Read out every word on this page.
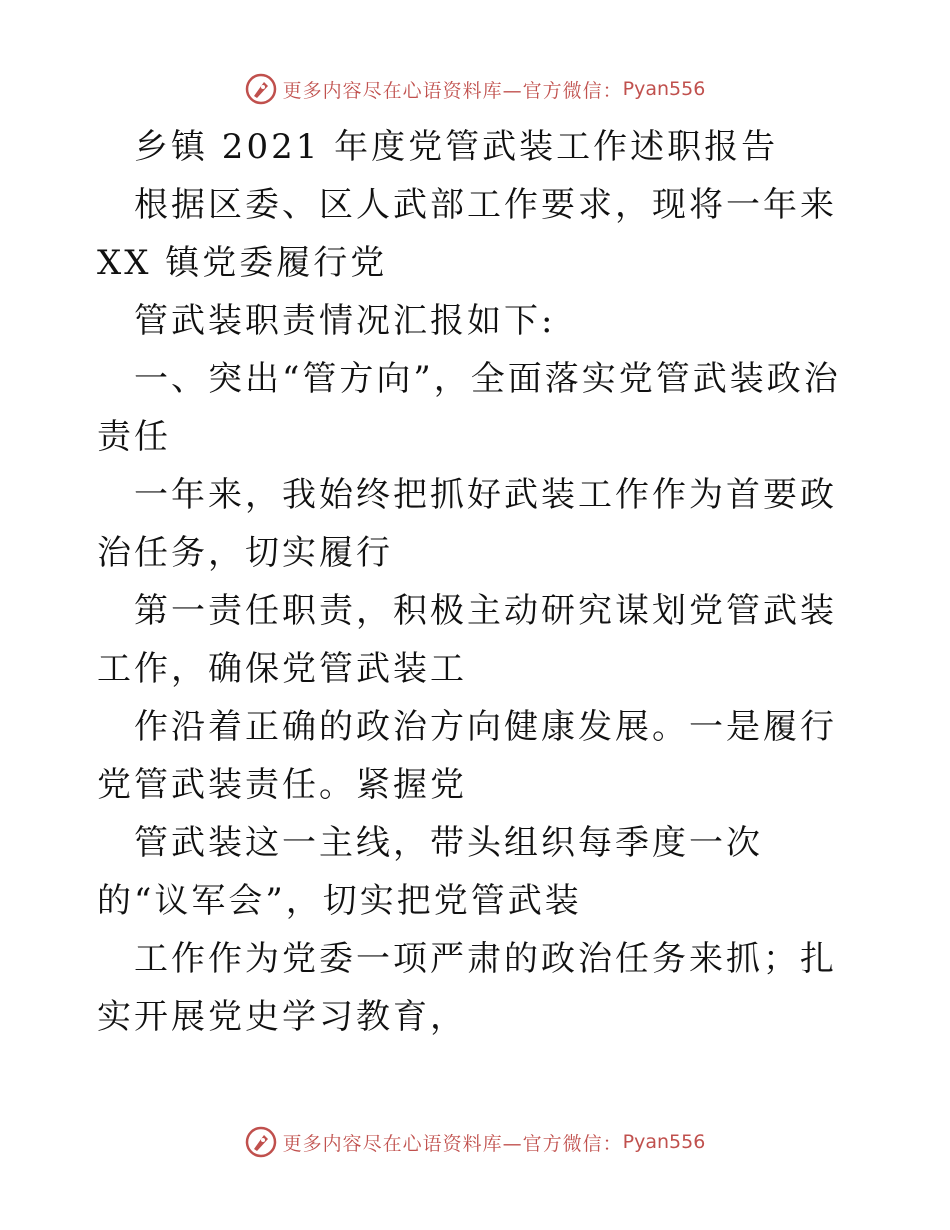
更多内容尽在心语资料库—官方微信： Pyan556
乡镇 2021 年度党管武装工作述职报告
根据区委、区人武部工作要求，现将一年来 XX 镇党委履行党
管武装职责情况汇报如下:
一、突出“管方向”，全面落实党管武装政治责任
一年来，我始终把抓好武装工作作为首要政治任务，切实履行
第一责任职责，积极主动研究谋划党管武装工作，确保党管武装工
作沿着正确的政治方向健康发展。一是履行党管武装责任。紧握党
管武装这一主线，带头组织每季度一次的“议军会”，切实把党管武装
工作作为党委一项严肃的政治任务来抓；扎实开展党史学习教育，
更多内容尽在心语资料库—官方微信： Pyan556
